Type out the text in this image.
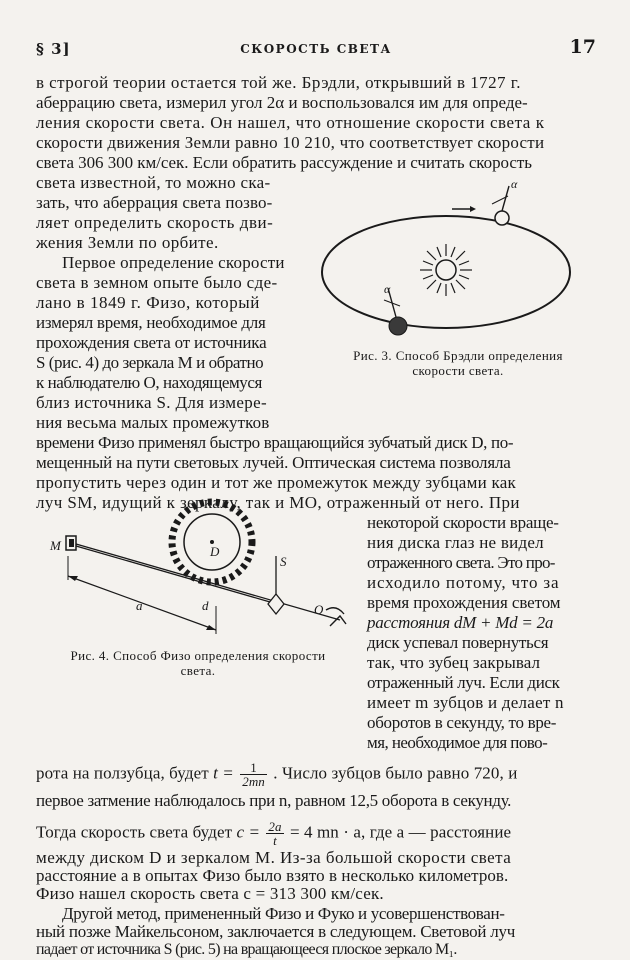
§ 3]	СКОРОСТЬ СВЕТА	17
в строгой теории остается той же. Брэдли, открывший в 1727 г.
аберрацию света, измерил угол 2α и воспользовался им для опреде-
ления скорости света. Он нашел, что отношение скорости света к
скорости движения Земли равно 10 210, что соответствует скорости
света 306 300 км/сек. Если обратить рассуждение и считать скорость
света известной, то можно ска-
зать, что аберрация света позво-
ляет определить скорость дви-
жения Земли по орбите.
Первое определение скорости
света в земном опыте было сде-
лано в 1849 г. Физо, который
измерял время, необходимое для
прохождения света от источника
S (рис. 4) до зеркала M и обратно
к наблюдателю O, находящемуся
близ источника S. Для измере-
ния весьма малых промежутков
времени Физо применял быстро вращающийся зубчатый диск D, по-
мещенный на пути световых лучей. Оптическая система позволяла
пропустить через один и тот же промежуток между зубцами как
луч SM, идущий к зеркалу, так и MO, отраженный от него. При
некоторой скорости враще-
ния диска глаз не видел
отраженного света. Это про-
исходило потому, что за
время прохождения светом
расстояния dM + Md = 2a
диск успевал повернуться
так, что зубец закрывал
отраженный луч. Если диск
имеет m зубцов и делает n
оборотов в секунду, то вре-
мя, необходимое для пово-
рота на ползубца, будет $t = \frac{1}{2mn}$ . Число зубцов было равно 720, и
первое затмение наблюдалось при n, равном 12,5 оборота в секунду.
Тогда скорость света будет $c = \frac{2a}{t} = 4$ mn · a, где a — расстояние
между диском D и зеркалом M. Из-за большой скорости света
расстояние a в опытах Физо было взято в несколько километров.
Физо нашел скорость света c = 313 300 км/сек.
Другой метод, примененный Физо и Фуко и усовершенствован-
ный позже Майкельсоном, заключается в следующем. Световой луч
падает от источника S (рис. 5) на вращающееся плоское зеркало M₁.
α
α
Рис. 3. Способ Брэдли определения
скорости света.
M
a	d
D
S
O
Рис. 4. Способ Физо определения скорости
света.
